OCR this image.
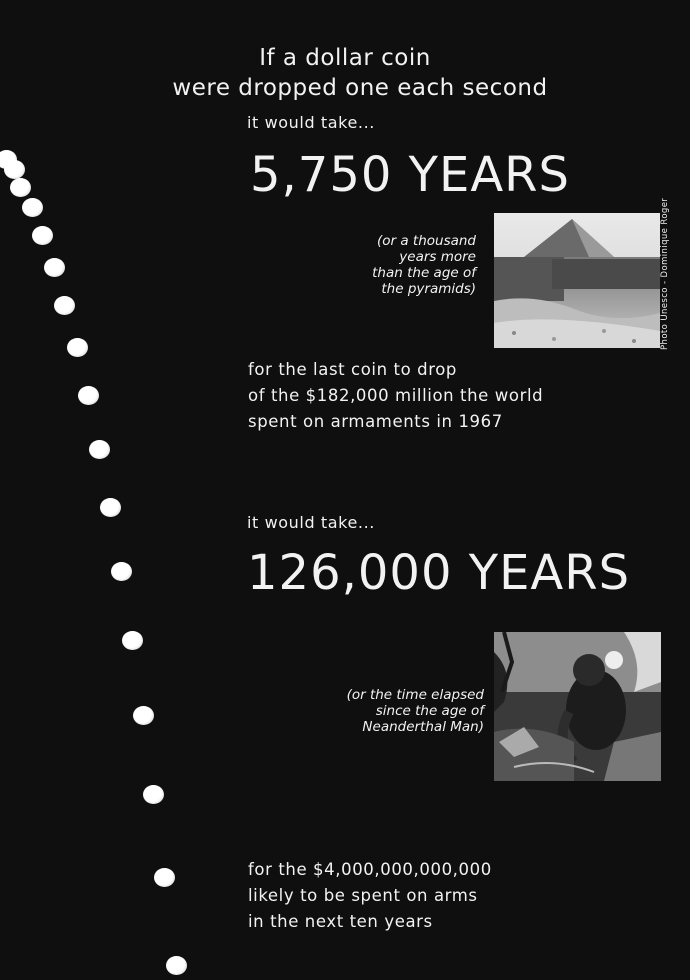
If a dollar coin
were dropped one each second
it would take...
5,750 YEARS
(or a thousand
years more
than the age of
the pyramids)	Photo Unesco - Dominique Roger
for the last coin to drop
of the $182,000 million the world
spent on armaments in 1967
it would take...
126,000 YEARS
(or the time elapsed
since the age of
Neanderthal Man)
for the $4,000,000,000,000
likely to be spent on arms
in the next ten years
